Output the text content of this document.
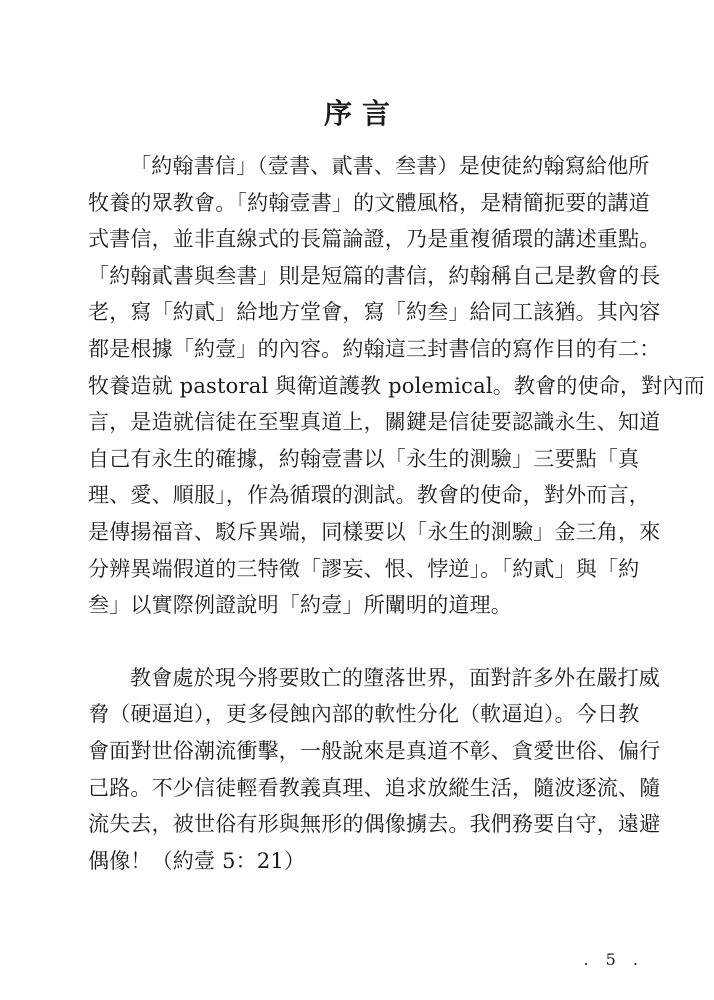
序言

「約翰書信」（壹書、貳書、叁書）是使徒約翰寫給他所

牧養的眾教會。「約翰壹書」的文體風格，是精簡扼要的講道

式書信，並非直線式的長篇論證，乃是重複循環的講述重點。

「約翰貳書與叁書」則是短篇的書信，約翰稱自己是教會的長

老，寫「約貳」給地方堂會，寫「約叁」給同工該猶。其內容

都是根據「約壹」的內容。約翰這三封書信的寫作目的有二：

牧養造就 pastoral 與衛道護教 polemical。教會的使命，對內而

言，是造就信徒在至聖真道上，關鍵是信徒要認識永生、知道

自己有永生的確據，約翰壹書以「永生的測驗」三要點「真

理、愛、順服」，作為循環的測試。教會的使命，對外而言，

是傳揚福音、駁斥異端，同樣要以「永生的測驗」金三角，來

分辨異端假道的三特徵「謬妄、恨、悖逆」。「約貳」與「約

叁」以實際例證說明「約壹」所闡明的道理。

教會處於現今將要敗亡的墮落世界，面對許多外在嚴打威

脅（硬逼迫），更多侵蝕內部的軟性分化（軟逼迫）。今日教

會面對世俗潮流衝擊，一般說來是真道不彰、貪愛世俗、偏行

己路。不少信徒輕看教義真理、追求放縱生活，隨波逐流、隨

流失去，被世俗有形與無形的偶像擄去。我們務要自守，遠避

偶像！（約壹 5：21）

. 5 .
